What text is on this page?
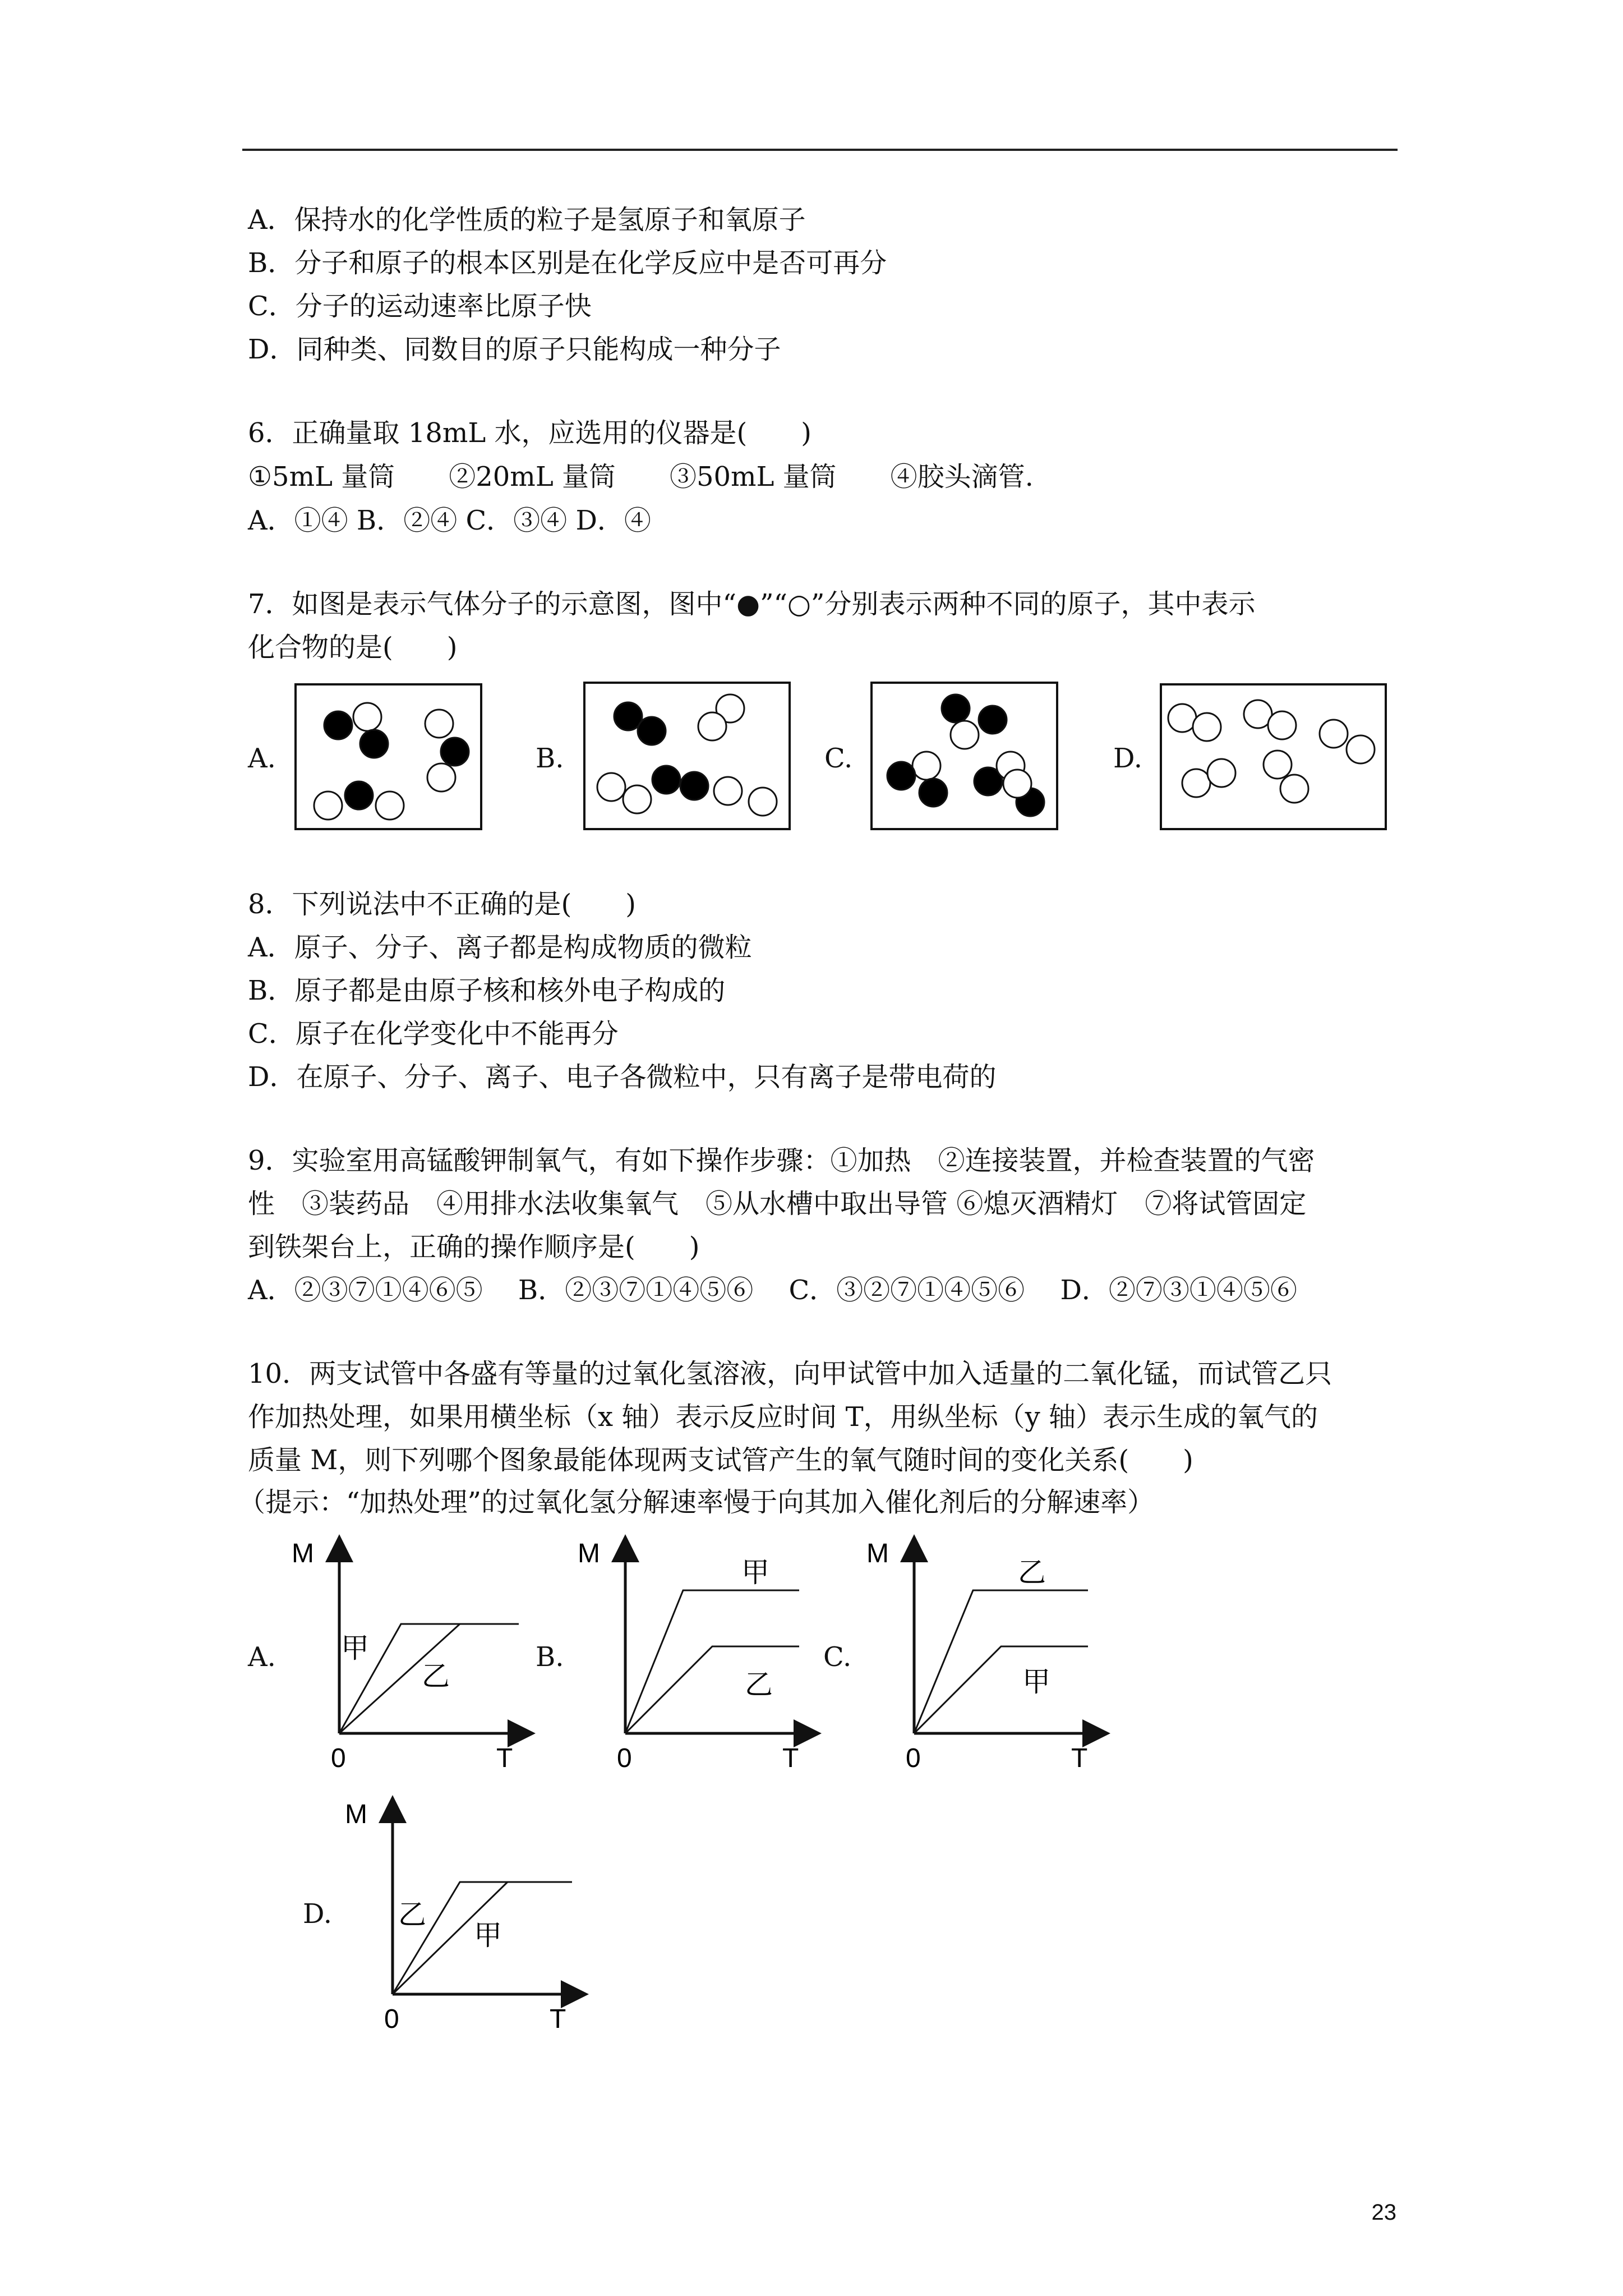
A．保持水的化学性质的粒子是氢原子和氧原子
B．分子和原子的根本区别是在化学反应中是否可再分
C．分子的运动速率比原子快
D．同种类、同数目的原子只能构成一种分子
6．正确量取 18mL 水，应选用的仪器是(　　)
①5mL 量筒　　②20mL 量筒　　③50mL 量筒　　④胶头滴管.
A．①④ B．②④ C．③④ D．④
7．如图是表示气体分子的示意图，图中“●”“○”分别表示两种不同的原子，其中表示
化合物的是(　　)
A.	B.	C.	D.
8．下列说法中不正确的是(　　)
A．原子、分子、离子都是构成物质的微粒
B．原子都是由原子核和核外电子构成的
C．原子在化学变化中不能再分
D．在原子、分子、离子、电子各微粒中，只有离子是带电荷的
9．实验室用高锰酸钾制氧气，有如下操作步骤：①加热　②连接装置，并检查装置的气密
性　③装药品　④用排水法收集氧气　⑤从水槽中取出导管 ⑥熄灭酒精灯　⑦将试管固定
到铁架台上，正确的操作顺序是(　　)
A．②③⑦①④⑥⑤　 B．②③⑦①④⑤⑥　 C．③②⑦①④⑤⑥　 D．②⑦③①④⑤⑥
10．两支试管中各盛有等量的过氧化氢溶液，向甲试管中加入适量的二氧化锰，而试管乙只
作加热处理，如果用横坐标（x 轴）表示反应时间 T，用纵坐标（y 轴）表示生成的氧气的
质量 M，则下列哪个图象最能体现两支试管产生的氧气随时间的变化关系(　　)
（提示：“加热处理”的过氧化氢分解速率慢于向其加入催化剂后的分解速率）
A.	B.	C.
D.
M
T
0
甲
乙
M
T
0
甲
乙
M
T
0
乙
甲
M
T
0
乙
甲
23
